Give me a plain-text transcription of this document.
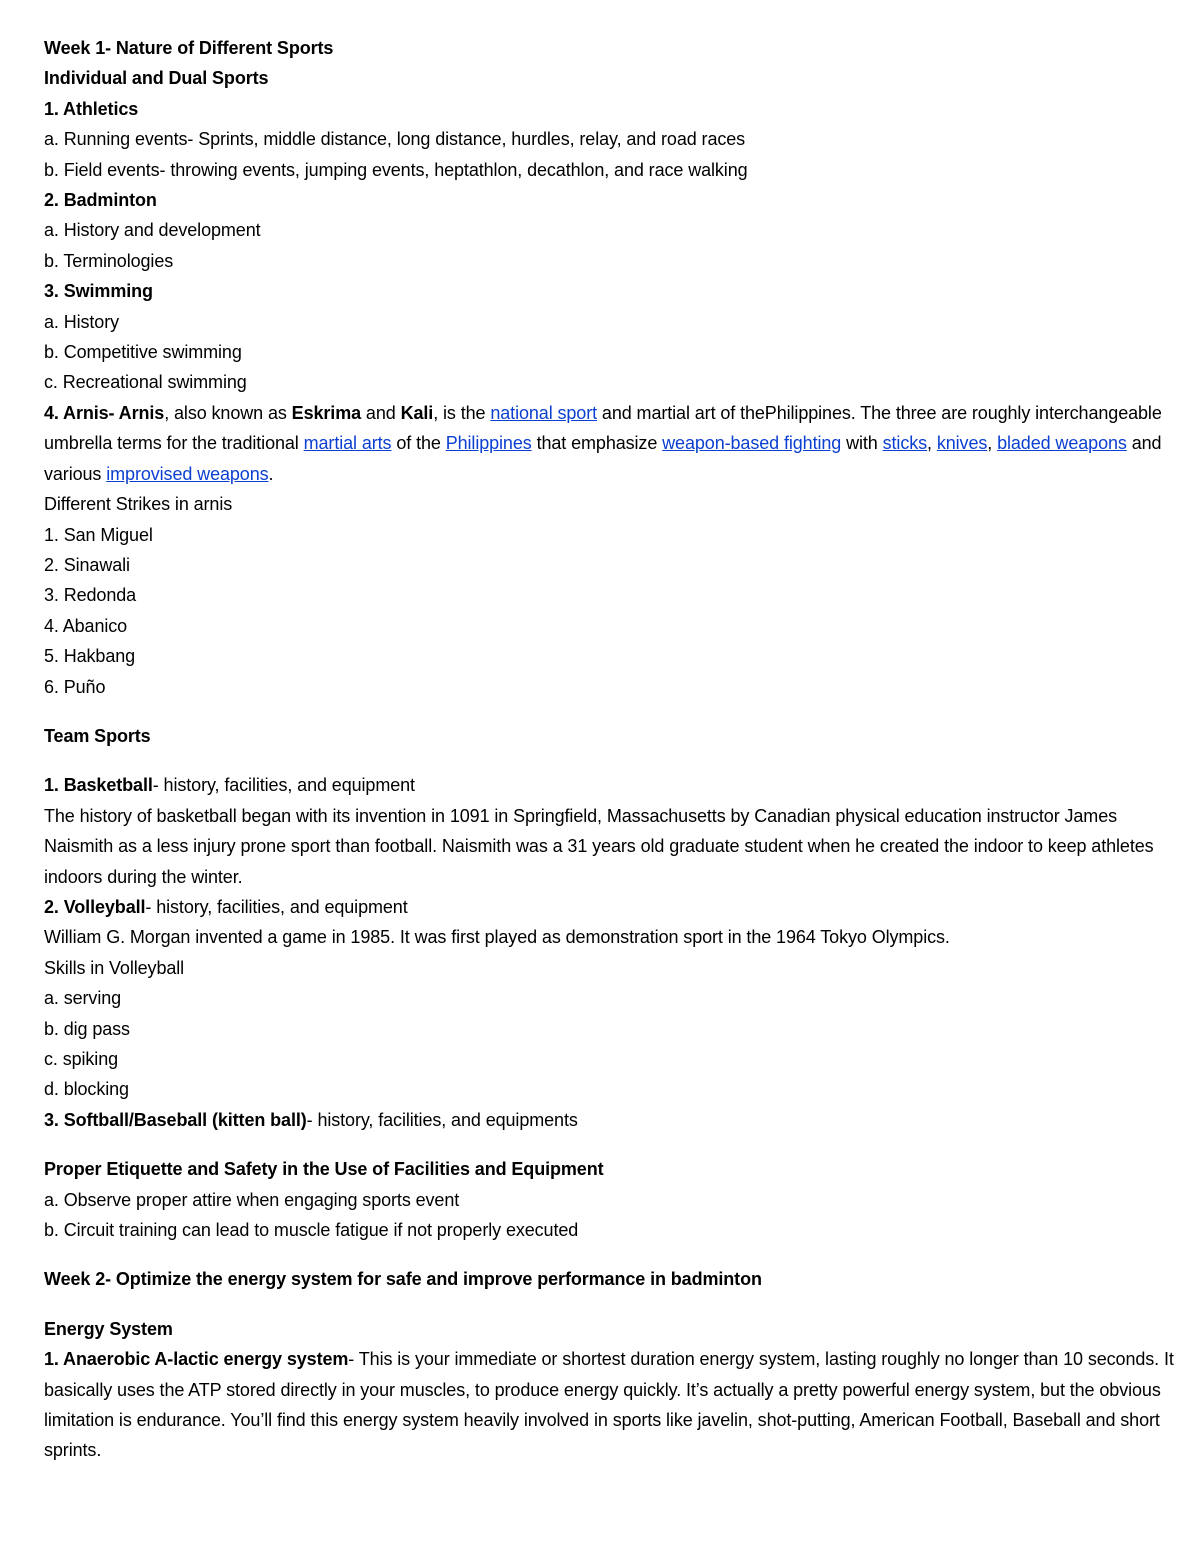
Week 1- Nature of Different Sports
Individual and Dual Sports
1. Athletics
a. Running events- Sprints, middle distance, long distance, hurdles, relay, and road races
b. Field events- throwing events, jumping events, heptathlon, decathlon, and race walking
2. Badminton
a. History and development
b. Terminologies
3. Swimming
a. History
b. Competitive swimming
c. Recreational swimming
4. Arnis- Arnis, also known as Eskrima and Kali, is the national sport and martial art of thePhilippines. The three are roughly interchangeable umbrella terms for the traditional martial arts of the Philippines that emphasize weapon-based fighting with sticks, knives, bladed weapons and various improvised weapons.
Different Strikes in arnis
1. San Miguel
2. Sinawali
3. Redonda
4. Abanico
5. Hakbang
6. Puño
Team Sports
1. Basketball- history, facilities, and equipment
The history of basketball began with its invention in 1091 in Springfield, Massachusetts by Canadian physical education instructor James Naismith as a less injury prone sport than football. Naismith was a 31 years old graduate student when he created the indoor to keep athletes indoors during the winter.
2. Volleyball- history, facilities, and equipment
William G. Morgan invented a game in 1985. It was first played as demonstration sport in the 1964 Tokyo Olympics.
Skills in Volleyball
a. serving
b. dig pass
c. spiking
d. blocking
3. Softball/Baseball (kitten ball)- history, facilities, and equipments
Proper Etiquette and Safety in the Use of Facilities and Equipment
a. Observe proper attire when engaging sports event
b. Circuit training can lead to muscle fatigue if not properly executed
Week 2- Optimize the energy system for safe and improve performance in badminton
Energy System
1. Anaerobic A-lactic energy system- This is your immediate or shortest duration energy system, lasting roughly no longer than 10 seconds. It basically uses the ATP stored directly in your muscles, to produce energy quickly. It’s actually a pretty powerful energy system, but the obvious limitation is endurance. You’ll find this energy system heavily involved in sports like javelin, shot-putting, American Football, Baseball and short sprints.
